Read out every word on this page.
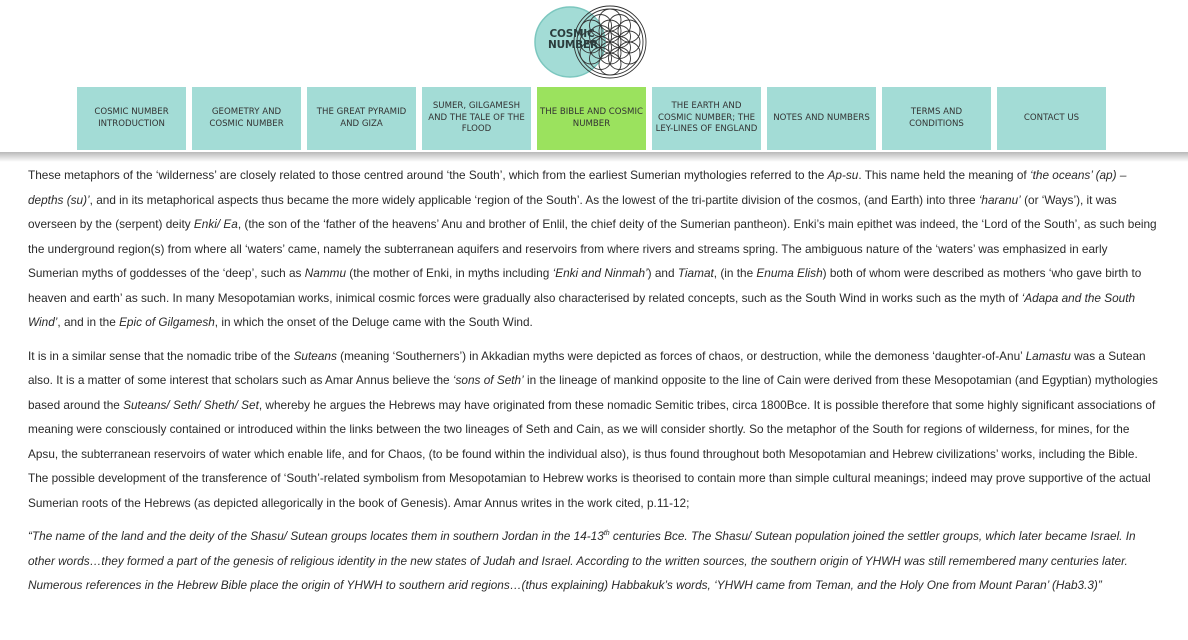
COSMIC
NUMBER
COSMIC NUMBER INTRODUCTION
GEOMETRY AND COSMIC NUMBER
THE GREAT PYRAMID AND GIZA
SUMER, GILGAMESH AND THE TALE OF THE FLOOD
THE BIBLE AND COSMIC NUMBER
THE EARTH AND COSMIC NUMBER; THE LEY-LINES OF ENGLAND
NOTES AND NUMBERS
TERMS AND CONDITIONS
CONTACT US

These metaphors of the ‘wilderness’ are closely related to those centred around ‘the South’, which from the earliest Sumerian mythologies referred to the Ap-su. This name held the meaning of ‘the oceans’ (ap) – depths (su)’, and in its metaphorical aspects thus became the more widely applicable ‘region of the South’. As the lowest of the tri-partite division of the cosmos, (and Earth) into three ‘haranu’ (or ‘Ways’), it was overseen by the (serpent) deity Enki/ Ea, (the son of the ‘father of the heavens’ Anu and brother of Enlil, the chief deity of the Sumerian pantheon). Enki’s main epithet was indeed, the ‘Lord of the South’, as such being the underground region(s) from where all ‘waters’ came, namely the subterranean aquifers and reservoirs from where rivers and streams spring. The ambiguous nature of the ‘waters’ was emphasized in early Sumerian myths of goddesses of the ‘deep’, such as Nammu (the mother of Enki, in myths including ‘Enki and Ninmah’) and Tiamat, (in the Enuma Elish) both of whom were described as mothers ‘who gave birth to heaven and earth’ as such. In many Mesopotamian works, inimical cosmic forces were gradually also characterised by related concepts, such as the South Wind in works such as the myth of ‘Adapa and the South Wind’, and in the Epic of Gilgamesh, in which the onset of the Deluge came with the South Wind.

It is in a similar sense that the nomadic tribe of the Suteans (meaning ‘Southerners’) in Akkadian myths were depicted as forces of chaos, or destruction, while the demoness ‘daughter-of-Anu’ Lamastu was a Sutean also. It is a matter of some interest that scholars such as Amar Annus believe the ‘sons of Seth’ in the lineage of mankind opposite to the line of Cain were derived from these Mesopotamian (and Egyptian) mythologies based around the Suteans/ Seth/ Sheth/ Set, whereby he argues the Hebrews may have originated from these nomadic Semitic tribes, circa 1800Bce. It is possible therefore that some highly significant associations of meaning were consciously contained or introduced within the links between the two lineages of Seth and Cain, as we will consider shortly. So the metaphor of the South for regions of wilderness, for mines, for the Apsu, the subterranean reservoirs of water which enable life, and for Chaos, (to be found within the individual also), is thus found throughout both Mesopotamian and Hebrew civilizations’ works, including the Bible. The possible development of the transference of ‘South’-related symbolism from Mesopotamian to Hebrew works is theorised to contain more than simple cultural meanings; indeed may prove supportive of the actual Sumerian roots of the Hebrews (as depicted allegorically in the book of Genesis). Amar Annus writes in the work cited, p.11-12;

“The name of the land and the deity of the Shasu/ Sutean groups locates them in southern Jordan in the 14-13th centuries Bce. The Shasu/ Sutean population joined the settler groups, which later became Israel. In other words…they formed a part of the genesis of religious identity in the new states of Judah and Israel. According to the written sources, the southern origin of YHWH was still remembered many centuries later. Numerous references in the Hebrew Bible place the origin of YHWH to southern arid regions…(thus explaining) Habbakuk’s words, ‘YHWH came from Teman, and the Holy One from Mount Paran’ (Hab3.3)”
